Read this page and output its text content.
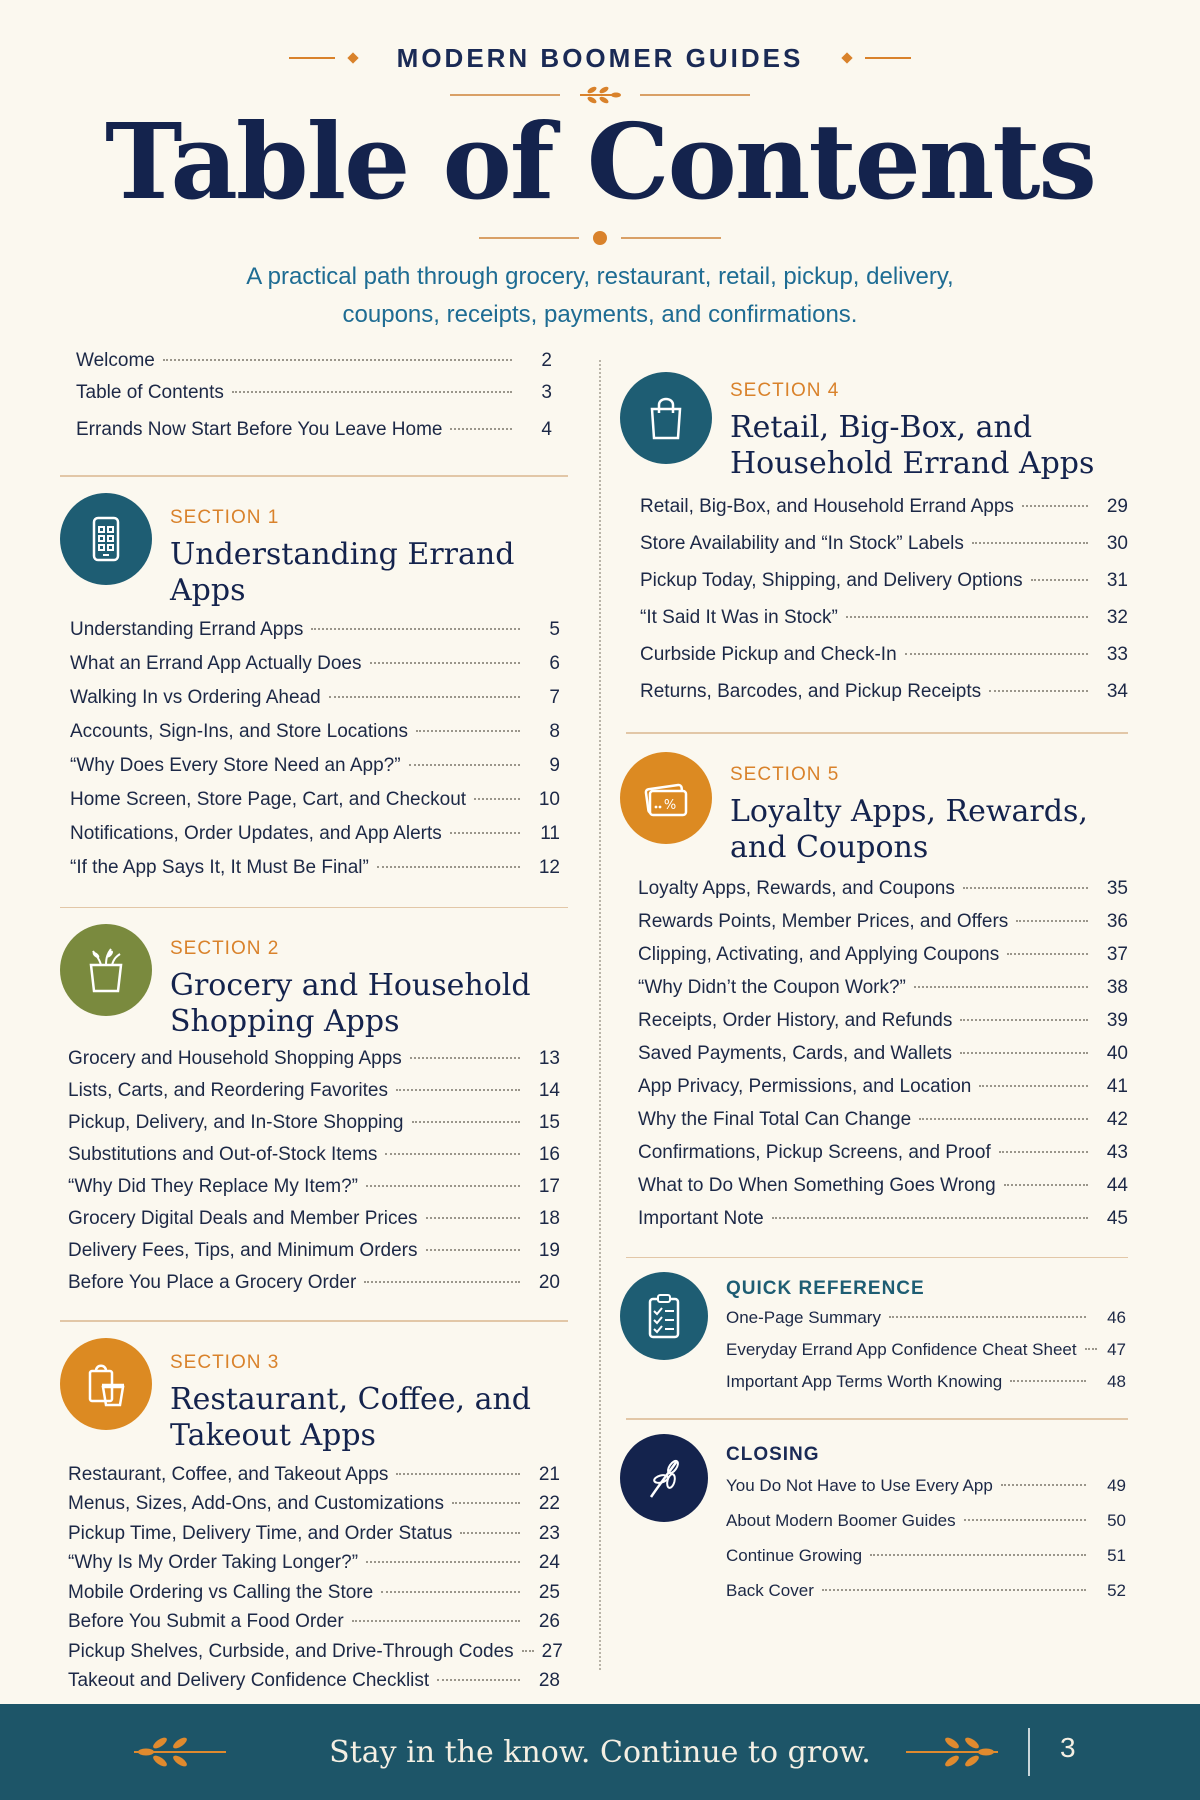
MODERN BOOMER GUIDES
Table of Contents
A practical path through grocery, restaurant, retail, pickup, delivery,
coupons, receipts, payments, and confirmations.
Welcome	2
Table of Contents	3
Errands Now Start Before You Leave Home	4
SECTION 1
Understanding Errand Apps
Understanding Errand Apps	5
What an Errand App Actually Does	6
Walking In vs Ordering Ahead	7
Accounts, Sign-Ins, and Store Locations	8
“Why Does Every Store Need an App?”	9
Home Screen, Store Page, Cart, and Checkout	10
Notifications, Order Updates, and App Alerts	11
“If the App Says It, It Must Be Final”	12
SECTION 2
Grocery and Household
Shopping Apps
Grocery and Household Shopping Apps	13
Lists, Carts, and Reordering Favorites	14
Pickup, Delivery, and In-Store Shopping	15
Substitutions and Out-of-Stock Items	16
“Why Did They Replace My Item?”	17
Grocery Digital Deals and Member Prices	18
Delivery Fees, Tips, and Minimum Orders	19
Before You Place a Grocery Order	20
SECTION 3
Restaurant, Coffee, and
Takeout Apps
Restaurant, Coffee, and Takeout Apps	21
Menus, Sizes, Add-Ons, and Customizations	22
Pickup Time, Delivery Time, and Order Status	23
“Why Is My Order Taking Longer?”	24
Mobile Ordering vs Calling the Store	25
Before You Submit a Food Order	26
Pickup Shelves, Curbside, and Drive-Through Codes 27
Takeout and Delivery Confidence Checklist	28
SECTION 4
Retail, Big-Box, and
Household Errand Apps
Retail, Big-Box, and Household Errand Apps	29
Store Availability and “In Stock” Labels	30
Pickup Today, Shipping, and Delivery Options	31
“It Said It Was in Stock”	32
Curbside Pickup and Check-In	33
Returns, Barcodes, and Pickup Receipts	34
%
SECTION 5
Loyalty Apps, Rewards,
and Coupons
Loyalty Apps, Rewards, and Coupons	35
Rewards Points, Member Prices, and Offers	36
Clipping, Activating, and Applying Coupons	37
“Why Didn’t the Coupon Work?”	38
Receipts, Order History, and Refunds	39
Saved Payments, Cards, and Wallets	40
App Privacy, Permissions, and Location	41
Why the Final Total Can Change	42
Confirmations, Pickup Screens, and Proof	43
What to Do When Something Goes Wrong	44
Important Note	45
QUICK REFERENCE
One-Page Summary	46
Everyday Errand App Confidence Cheat Sheet 47
Important App Terms Worth Knowing	48
CLOSING
You Do Not Have to Use Every App	49
About Modern Boomer Guides	50
Continue Growing	51
Back Cover	52
Stay in the know. Continue to grow.	3
